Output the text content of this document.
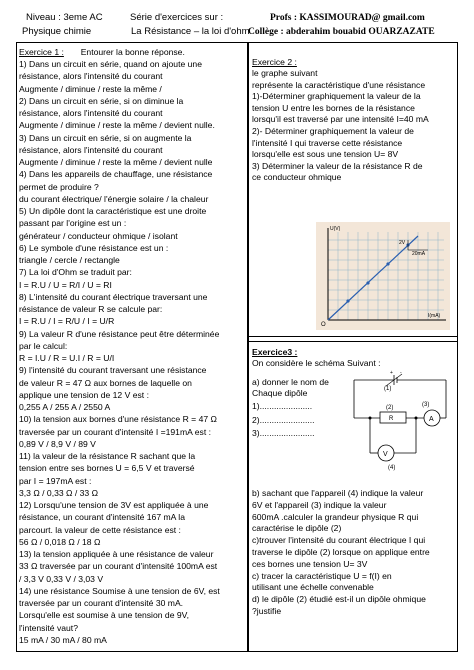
Niveau : 3eme AC
Physique chimie
Série d'exercices sur :
La Résistance – la loi d'ohm
Profs : KASSIMOURAD@ gmail.com
Collège : abderahim bouabid OUARZAZATE
Exercice 1 : Entourer la bonne réponse.
1) Dans un circuit en série, quand on ajoute une
résistance, alors l'intensité du courant
Augmente / diminue / reste la même /
2) Dans un circuit en série, si on diminue la
résistance, alors l'intensité du courant
Augmente / diminue / reste la même / devient nulle.
3) Dans un circuit en série, si on augmente la
résistance, alors l'intensité du courant
Augmente / diminue / reste la même / devient nulle
4) Dans les appareils de chauffage, une résistance
permet de produire ?
du courant électrique/ l'énergie solaire / la chaleur
5) Un dipôle dont la caractéristique est une droite
passant par l'origine est un :
générateur / conducteur ohmique / isolant
6) Le symbole d'une résistance est un :
triangle / cercle / rectangle
7) La loi d'Ohm se traduit par:
I = R.U / U = R/I / U = RI
8) L'intensité du courant électrique traversant une
résistance de valeur R se calcule par:
I = R.U / I = R/U / I = U/R
9) La valeur R d'une résistance peut être déterminée
par le calcul:
R = I.U / R = U.I / R = U/I
9) l'intensité du courant traversant une résistance
de valeur R = 47 Ω aux bornes de laquelle on
applique une tension de 12 V est :
0,255 A / 255 A / 2550 A
10) la tension aux bornes d'une résistance R = 47 Ω
traversée par un courant d'intensité I =191mA est :
0,89 V / 8,9 V / 89 V
11) la valeur de la résistance R sachant que la
tension entre ses bornes U = 6,5 V et traversé
par I = 197mA est :
3,3 Ω / 0,33 Ω / 33 Ω
12) Lorsqu'une tension de 3V est appliquée à une
résistance, un courant d'intensité 167 mA la
parcourt. la valeur de cette résistance est :
56 Ω / 0,018 Ω / 18 Ω
13) la tension appliquée à une résistance de valeur
33 Ω traversée par un courant d'intensité 100mA est
/ 3,3 V 0,33 V / 3,03 V
14) une résistance Soumise à une tension de 6V, est
traversée par un courant d'intensité 30 mA.
Lorsqu'elle est soumise à une tension de 9V,
l'intensité vaut?
15 mA / 30 mA / 80 mA
Exercice 2 :
le graphe suivant
représente la caractéristique d'une résistance
1)-Déterminer graphiquement la valeur de la
tension U entre les bornes de la résistance
lorsqu'il est traversé par une intensité I=40 mA
2)- Déterminer graphiquement la valeur de
l'intensité I qui traverse cette résistance
lorsqu'elle est sous une tension U= 8V
3) Déterminer la valeur de la résistance R de
ce conducteur ohmique
U(V)
I(mA)
O
2V
20mA
Exercice3 :
On considère le schéma Suivant :
a) donner le nom de
Chaque dipôle
1)......................
2).......................
3).......................
(1)
(2)	(3)
(4)
R	A
V
+ -
b) sachant que l'appareil (4) indique la valeur
6V et l'appareil (3) indique la valeur
600mA .calculer la grandeur physique R qui
caractérise le dipôle (2)
c)trouver l'intensité du courant électrique I qui
traverse le dipôle (2) lorsque on applique entre
ces bornes une tension U= 3V
c) tracer la caractéristique U = f(I) en
utilisant une échelle convenable
d) le dipôle (2) étudié est-il un dipôle ohmique
?justifie
